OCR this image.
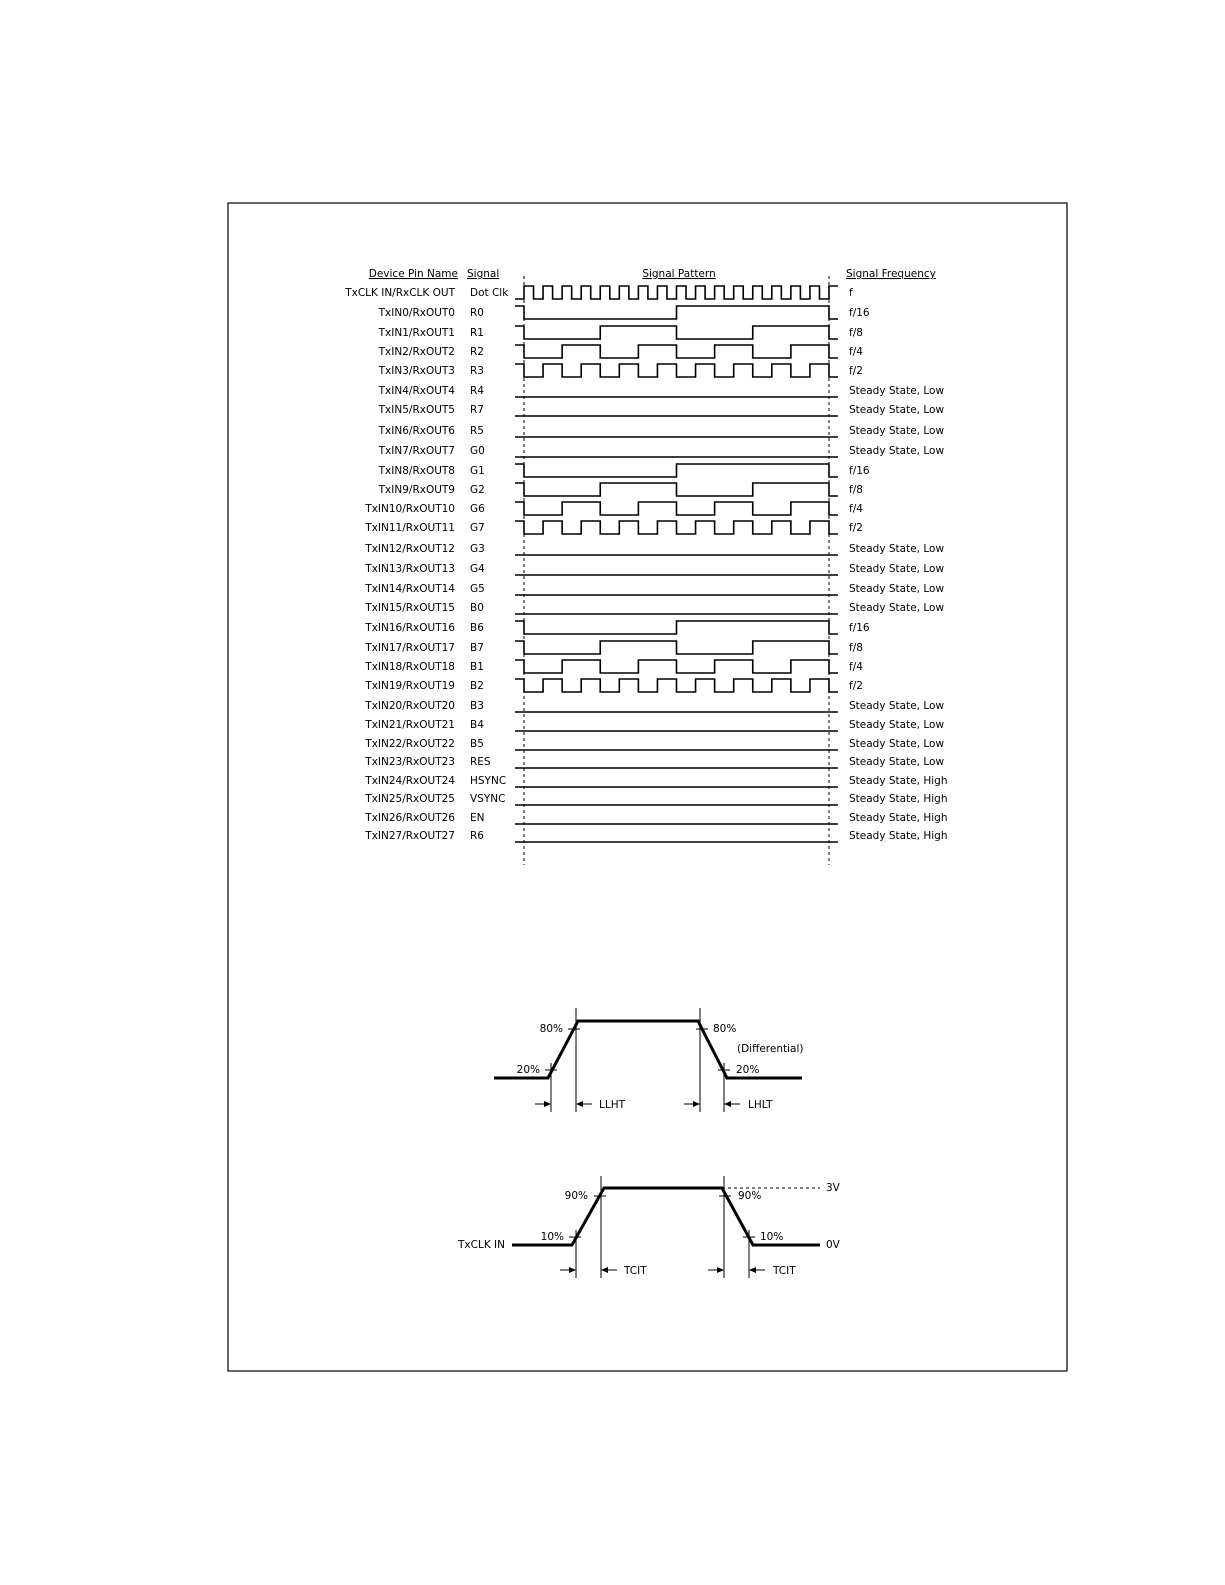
Device Pin Name Signal	Signal Pattern	Signal Frequency
TxCLK IN/RxCLK OUT Dot Clk	f
TxIN0/RxOUT0 R0	f/16
TxIN1/RxOUT1 R1	f/8
TxIN2/RxOUT2 R2	f/4
TxIN3/RxOUT3 R3	f/2
TxIN4/RxOUT4 R4	Steady State, Low
TxIN5/RxOUT5 R7	Steady State, Low
TxIN6/RxOUT6 R5	Steady State, Low
TxIN7/RxOUT7 G0	Steady State, Low
TxIN8/RxOUT8 G1	f/16
TxIN9/RxOUT9 G2	f/8
TxIN10/RxOUT10 G6	f/4
TxIN11/RxOUT11 G7	f/2
TxIN12/RxOUT12 G3	Steady State, Low
TxIN13/RxOUT13 G4	Steady State, Low
TxIN14/RxOUT14 G5	Steady State, Low
TxIN15/RxOUT15 B0	Steady State, Low
TxIN16/RxOUT16 B6	f/16
TxIN17/RxOUT17 B7	f/8
TxIN18/RxOUT18 B1	f/4
TxIN19/RxOUT19 B2	f/2
TxIN20/RxOUT20 B3	Steady State, Low
TxIN21/RxOUT21 B4	Steady State, Low
TxIN22/RxOUT22 B5	Steady State, Low
TxIN23/RxOUT23 RES	Steady State, Low
TxIN24/RxOUT24 HSYNC	Steady State, High
TxIN25/RxOUT25 VSYNC	Steady State, High
TxIN26/RxOUT26 EN	Steady State, High
TxIN27/RxOUT27 R6	Steady State, High
80%
20%
80%
(Differential)
20%
LLHT	LHLT
TxCLK IN
90%
10%
90%
10%
3V
0V
TCIT	TCIT
